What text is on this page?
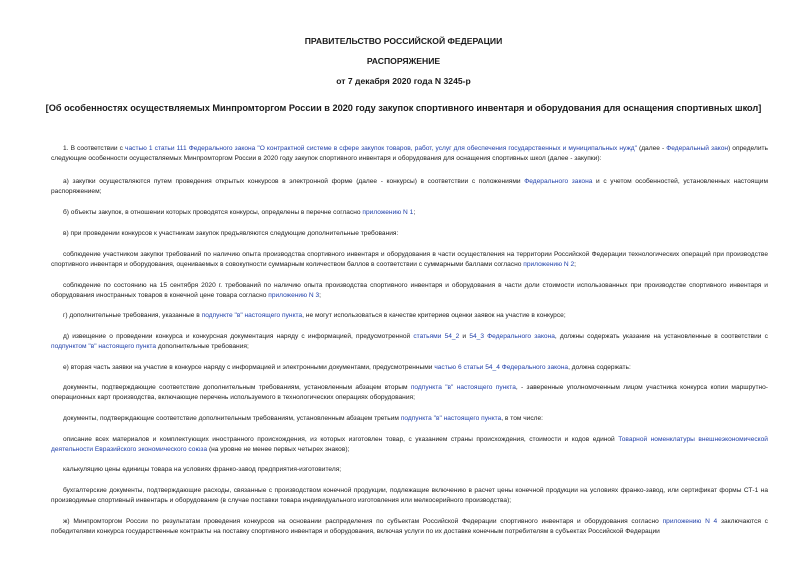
ПРАВИТЕЛЬСТВО РОССИЙСКОЙ ФЕДЕРАЦИИ
РАСПОРЯЖЕНИЕ
от 7 декабря 2020 года N 3245-р
[Об особенностях осуществляемых Минпромторгом России в 2020 году закупок спортивного инвентаря и оборудования для оснащения спортивных школ]
1. В соответствии с частью 1 статьи 111 Федерального закона "О контрактной системе в сфере закупок товаров, работ, услуг для обеспечения государственных и муниципальных нужд" (далее - Федеральный закон) определить следующие особенности осуществляемых Минпромторгом России в 2020 году закупок спортивного инвентаря и оборудования для оснащения спортивных школ (далее - закупки):
а) закупки осуществляются путем проведения открытых конкурсов в электронной форме (далее - конкурсы) в соответствии с положениями Федерального закона и с учетом особенностей, установленных настоящим распоряжением;
б) объекты закупок, в отношении которых проводятся конкурсы, определены в перечне согласно приложению N 1;
в) при проведении конкурсов к участникам закупок предъявляются следующие дополнительные требования:
соблюдение участником закупки требований по наличию опыта производства спортивного инвентаря и оборудования в части осуществления на территории Российской Федерации технологических операций при производстве спортивного инвентаря и оборудования, оцениваемых в совокупности суммарным количеством баллов в соответствии с суммарными баллами согласно приложению N 2;
соблюдение по состоянию на 15 сентября 2020 г. требований по наличию опыта производства спортивного инвентаря и оборудования в части доли стоимости использованных при производстве спортивного инвентаря и оборудования иностранных товаров в конечной цене товара согласно приложению N 3;
г) дополнительные требования, указанные в подпункте "в" настоящего пункта, не могут использоваться в качестве критериев оценки заявок на участие в конкурсе;
д) извещение о проведении конкурса и конкурсная документация наряду с информацией, предусмотренной статьями 54_2 и 54_3 Федерального закона, должны содержать указание на установленные в соответствии с подпунктом "в" настоящего пункта дополнительные требования;
е) вторая часть заявки на участие в конкурсе наряду с информацией и электронными документами, предусмотренными частью 6 статьи 54_4 Федерального закона, должна содержать:
документы, подтверждающие соответствие дополнительным требованиям, установленным абзацем вторым подпункта "в" настоящего пункта, - заверенные уполномоченным лицом участника конкурса копии маршрутно-операционных карт производства, включающие перечень используемого в технологических операциях оборудования;
документы, подтверждающие соответствие дополнительным требованиям, установленным абзацем третьим подпункта "в" настоящего пункта, в том числе:
описание всех материалов и комплектующих иностранного происхождения, из которых изготовлен товар, с указанием страны происхождения, стоимости и кодов единой Товарной номенклатуры внешнеэкономической деятельности Евразийского экономического союза (на уровне не менее первых четырех знаков);
калькуляцию цены единицы товара на условиях франко-завод предприятия-изготовителя;
бухгалтерские документы, подтверждающие расходы, связанные с производством конечной продукции, подлежащие включению в расчет цены конечной продукции на условиях франко-завод, или сертификат формы СТ-1 на производимые спортивный инвентарь и оборудование (в случае поставки товара индивидуального изготовления или мелкосерийного производства);
ж) Минпромторгом России по результатам проведения конкурсов на основании распределения по субъектам Российской Федерации спортивного инвентаря и оборудования согласно приложению N 4 заключаются с победителями конкурса государственные контракты на поставку спортивного инвентаря и оборудования, включая услуги по их доставке конечным потребителям в субъектах Российской Федерации
